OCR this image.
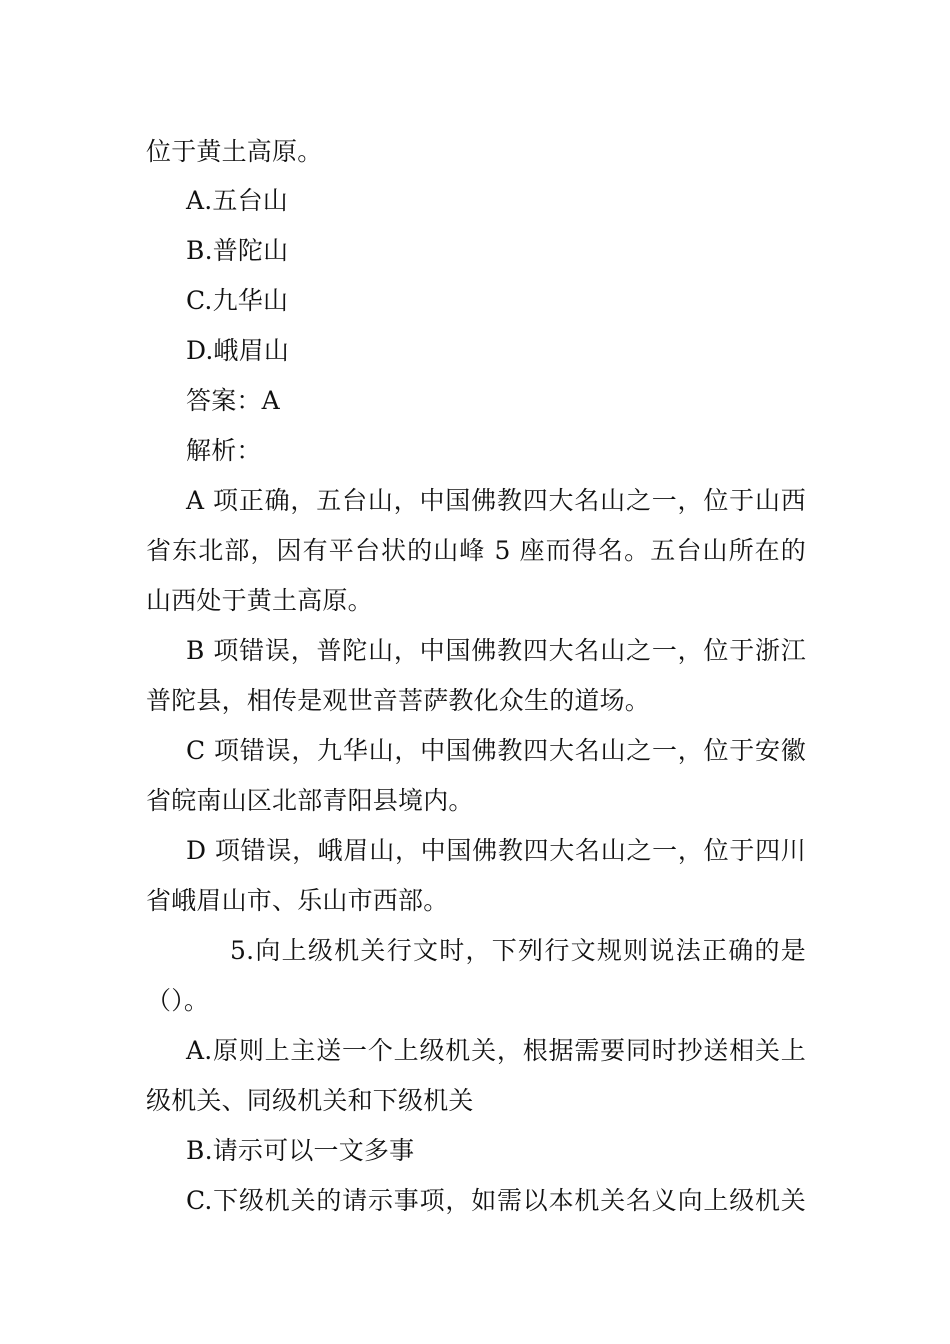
位于黄土高原。
A.五台山
B.普陀山
C.九华山
D.峨眉山
答案：A
解析：
A 项正确，五台山，中国佛教四大名山之一，位于山西
省东北部，因有平台状的山峰 5 座而得名。五台山所在的
山西处于黄土高原。
B 项错误，普陀山，中国佛教四大名山之一，位于浙江
普陀县，相传是观世音菩萨教化众生的道场。
C 项错误，九华山，中国佛教四大名山之一，位于安徽
省皖南山区北部青阳县境内。
D 项错误，峨眉山，中国佛教四大名山之一，位于四川
省峨眉山市、乐山市西部。
5.向上级机关行文时，下列行文规则说法正确的是
（）。
A.原则上主送一个上级机关，根据需要同时抄送相关上
级机关、同级机关和下级机关
B.请示可以一文多事
C.下级机关的请示事项，如需以本机关名义向上级机关
